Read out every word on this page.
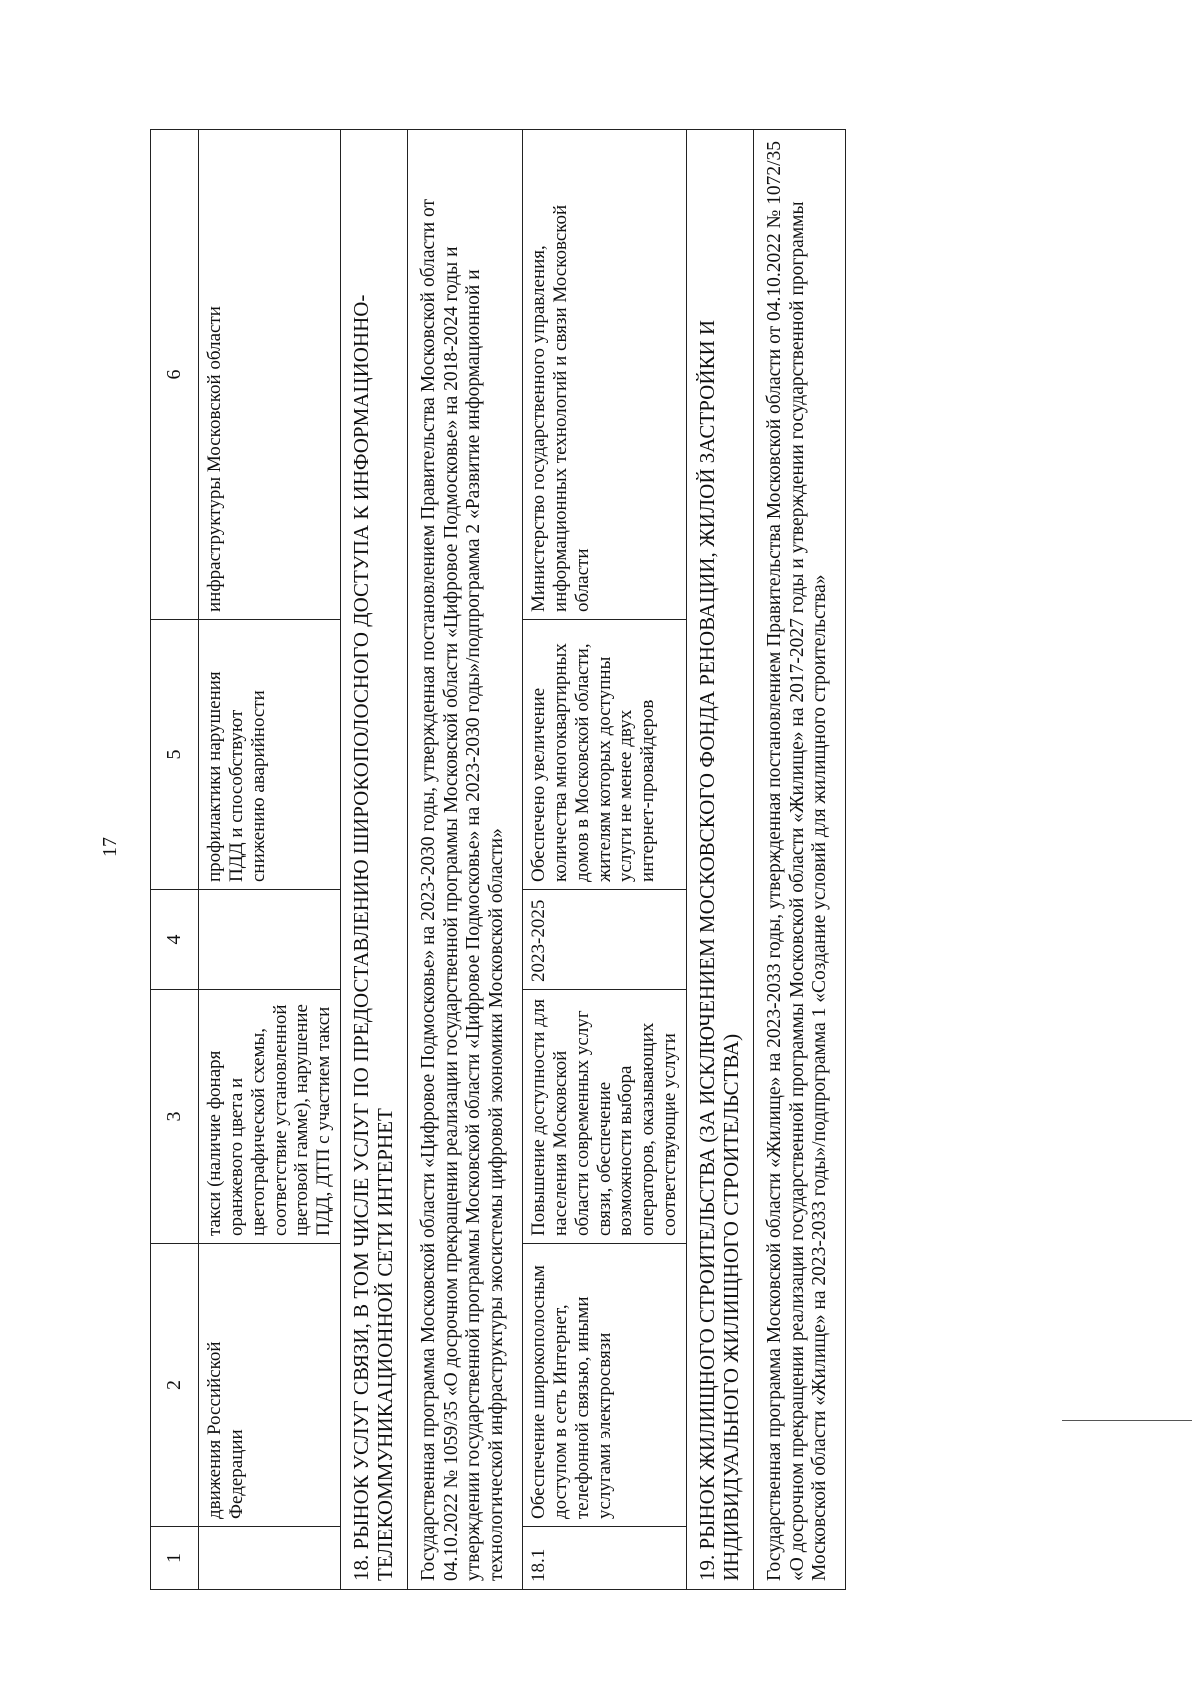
17
1	2	3	4	5	6
	движения Российской Федерации	такси (наличие фонаря оранжевого цвета и цветографической схемы, соответствие установленной цветовой гамме), нарушение ПДД, ДТП с участием такси		профилактики нарушения ПДД и способствуют снижению аварийности	инфраструктуры Московской области
18. РЫНОК УСЛУГ СВЯЗИ, В ТОМ ЧИСЛЕ УСЛУГ ПО ПРЕДОСТАВЛЕНИЮ ШИРОКОПОЛОСНОГО ДОСТУПА К ИНФОРМАЦИОННО-ТЕЛЕКОММУНИКАЦИОННОЙ СЕТИ ИНТЕРНЕТ					
Государственная программа Московской области «Цифровое Подмосковье» на 2023-2030 годы, утвержденная постановлением Правительства Московской области от 04.10.2022 № 1059/35 «О досрочном прекращении реализации государственной программы Московской области «Цифровое Подмосковье» на 2018-2024 годы и утверждении государственной программы Московской области «Цифровое Подмосковье» на 2023-2030 годы»/подпрограмма 2 «Развитие информационной и технологической инфраструктуры экосистемы цифровой экономики Московской области»					
18.1	Обеспечение широкополосным доступом в сеть Интернет, телефонной связью, иными услугами электросвязи	Повышение доступности для населения Московской области современных услуг связи, обеспечение возможности выбора операторов, оказывающих соответствующие услуги	2023-2025	Обеспечено увеличение количества многоквартирных домов в Московской области, жителям которых доступны услуги не менее двух интернет-провайдеров	Министерство государственного управления, информационных технологий и связи Московской области
19. РЫНОК ЖИЛИЩНОГО СТРОИТЕЛЬСТВА (ЗА ИСКЛЮЧЕНИЕМ МОСКОВСКОГО ФОНДА РЕНОВАЦИИ, ЖИЛОЙ ЗАСТРОЙКИ И ИНДИВИДУАЛЬНОГО ЖИЛИЩНОГО СТРОИТЕЛЬСТВА)					
Государственная программа Московской области «Жилище» на 2023-2033 годы, утвержденная постановлением Правительства Московской области от 04.10.2022 № 1072/35 «О досрочном прекращении реализации государственной программы Московской области «Жилище» на 2017-2027 годы и утверждении государственной программы Московской области «Жилище» на 2023-2033 годы»/подпрограмма 1 «Создание условий для жилищного строительства»					
